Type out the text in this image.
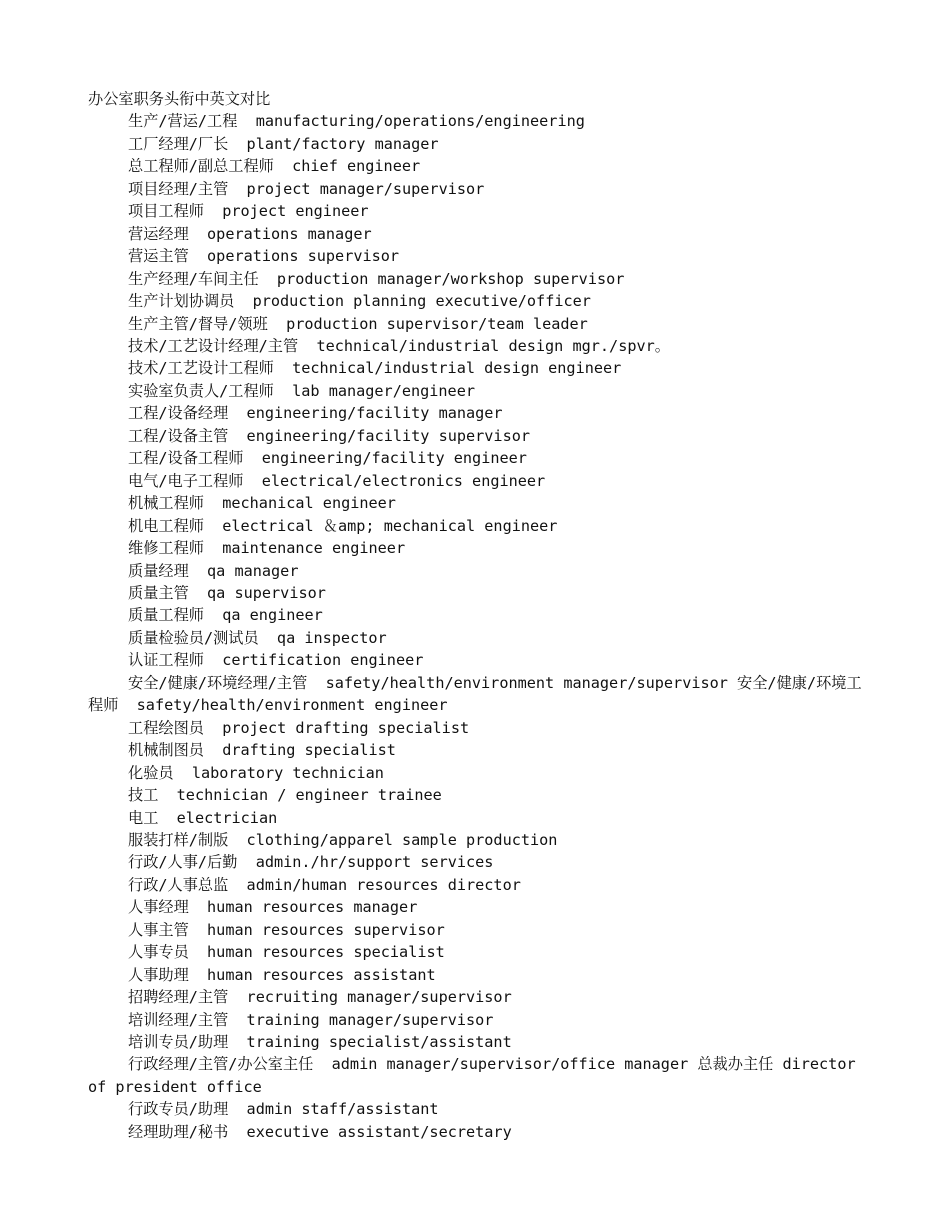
办公室职务头衔中英文对比
生产/营运/工程  manufacturing/operations/engineering
工厂经理/厂长  plant/factory manager
总工程师/副总工程师  chief engineer
项目经理/主管  project manager/supervisor
项目工程师  project engineer
营运经理  operations manager
营运主管  operations supervisor
生产经理/车间主任  production manager/workshop supervisor
生产计划协调员  production planning executive/officer
生产主管/督导/领班  production supervisor/team leader
技术/工艺设计经理/主管  technical/industrial design mgr./spvr。
技术/工艺设计工程师  technical/industrial design engineer
实验室负责人/工程师  lab manager/engineer
工程/设备经理  engineering/facility manager
工程/设备主管  engineering/facility supervisor
工程/设备工程师  engineering/facility engineer
电气/电子工程师  electrical/electronics engineer
机械工程师  mechanical engineer
机电工程师  electrical ＆amp; mechanical engineer
维修工程师  maintenance engineer
质量经理  qa manager
质量主管  qa supervisor
质量工程师  qa engineer
质量检验员/测试员  qa inspector
认证工程师  certification engineer
安全/健康/环境经理/主管  safety/health/environment manager/supervisor 安全/健康/环境工程师  safety/health/environment engineer
工程绘图员  project drafting specialist
机械制图员  drafting specialist
化验员  laboratory technician
技工  technician / engineer trainee
电工  electrician
服装打样/制版  clothing/apparel sample production
行政/人事/后勤  admin./hr/support services
行政/人事总监  admin/human resources director
人事经理  human resources manager
人事主管  human resources supervisor
人事专员  human resources specialist
人事助理  human resources assistant
招聘经理/主管  recruiting manager/supervisor
培训经理/主管  training manager/supervisor
培训专员/助理  training specialist/assistant
行政经理/主管/办公室主任  admin manager/supervisor/office manager 总裁办主任 director of president office
行政专员/助理  admin staff/assistant
经理助理/秘书  executive assistant/secretary
